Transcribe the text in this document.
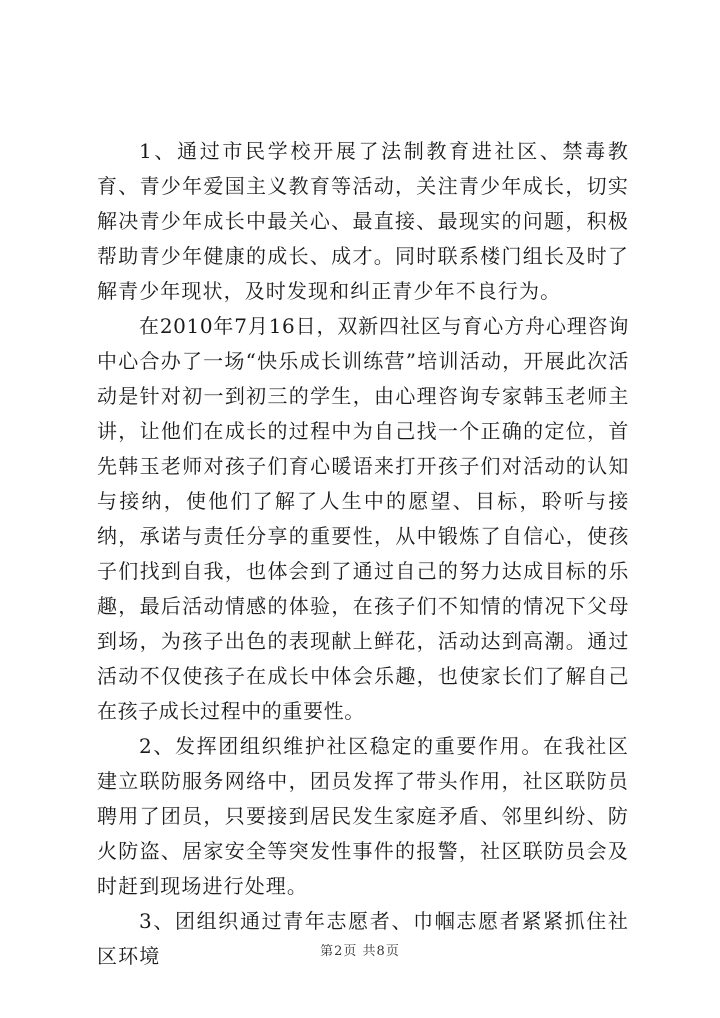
1、通过市民学校开展了法制教育进社区、禁毒教育、青少年爱国主义教育等活动，关注青少年成长，切实解决青少年成长中最关心、最直接、最现实的问题，积极帮助青少年健康的成长、成才。同时联系楼门组长及时了解青少年现状，及时发现和纠正青少年不良行为。

在2010年7月16日，双新四社区与育心方舟心理咨询中心合办了一场“快乐成长训练营”培训活动，开展此次活动是针对初一到初三的学生，由心理咨询专家韩玉老师主讲，让他们在成长的过程中为自己找一个正确的定位，首先韩玉老师对孩子们育心暖语来打开孩子们对活动的认知与接纳，使他们了解了人生中的愿望、目标，聆听与接纳，承诺与责任分享的重要性，从中锻炼了自信心，使孩子们找到自我，也体会到了通过自己的努力达成目标的乐趣，最后活动情感的体验，在孩子们不知情的情况下父母到场，为孩子出色的表现献上鲜花，活动达到高潮。通过活动不仅使孩子在成长中体会乐趣，也使家长们了解自己在孩子成长过程中的重要性。

2、发挥团组织维护社区稳定的重要作用。在我社区建立联防服务网络中，团员发挥了带头作用，社区联防员聘用了团员，只要接到居民发生家庭矛盾、邻里纠纷、防火防盗、居家安全等突发性事件的报警，社区联防员会及时赶到现场进行处理。

3、团组织通过青年志愿者、巾帼志愿者紧紧抓住社区环境	第2页 共8页
